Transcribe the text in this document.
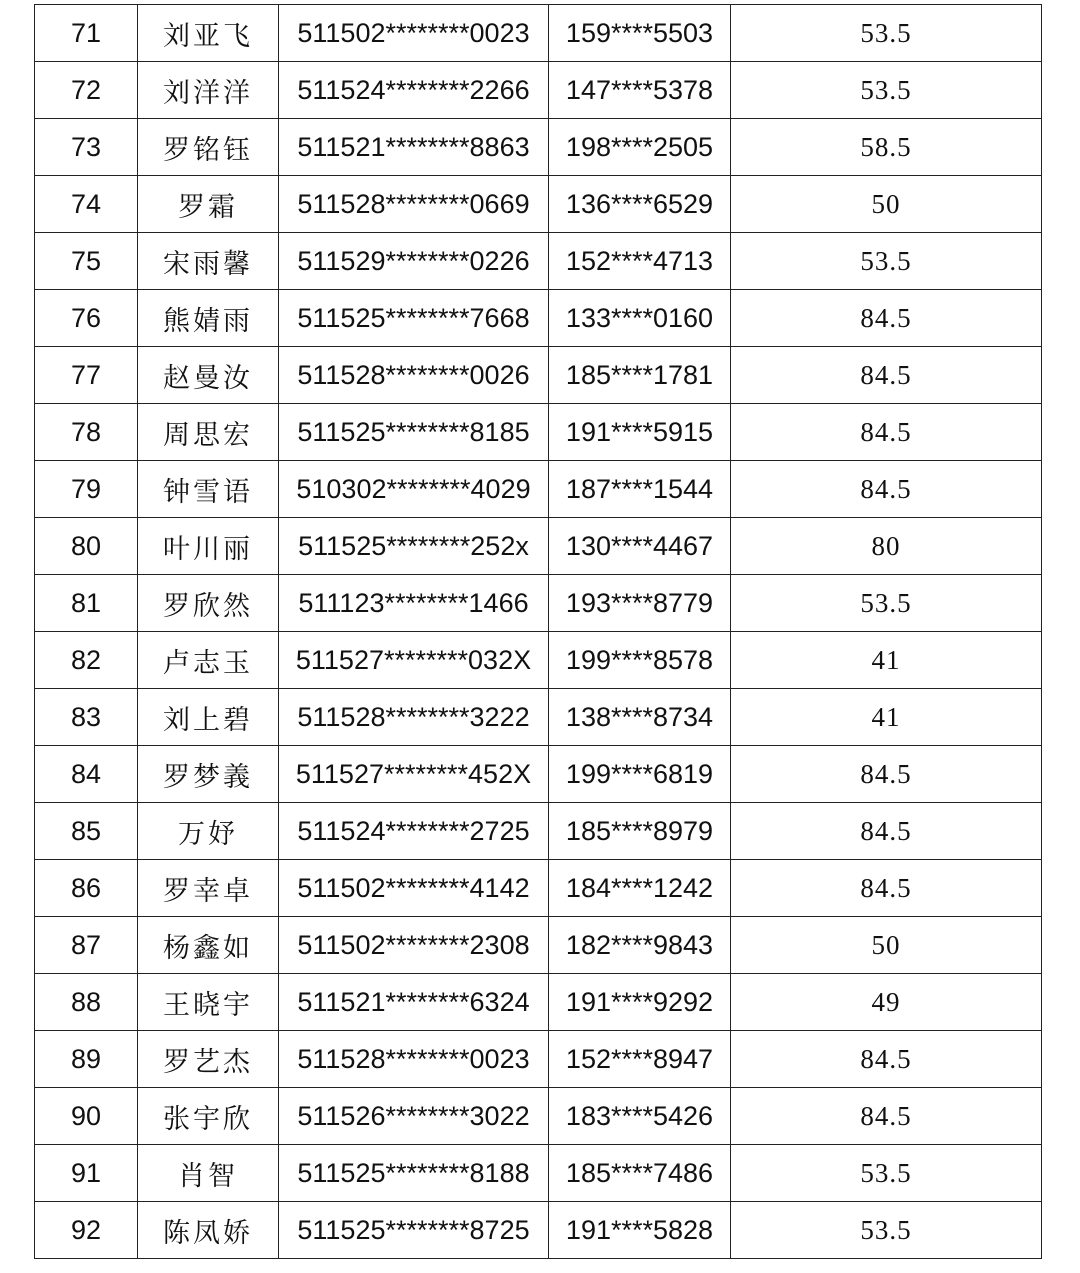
71	刘亚飞	511502********0023	159****5503	53.5
72	刘洋洋	511524********2266	147****5378	53.5
73	罗铭钰	511521********8863	198****2505	58.5
74	罗霜	511528********0669	136****6529	50
75	宋雨馨	511529********0226	152****4713	53.5
76	熊婧雨	511525********7668	133****0160	84.5
77	赵曼汝	511528********0026	185****1781	84.5
78	周思宏	511525********8185	191****5915	84.5
79	钟雪语	510302********4029	187****1544	84.5
80	叶川丽	511525********252x	130****4467	80
81	罗欣然	511123********1466	193****8779	53.5
82	卢志玉	511527********032X	199****8578	41
83	刘上碧	511528********3222	138****8734	41
84	罗梦義	511527********452X	199****6819	84.5
85	万妤	511524********2725	185****8979	84.5
86	罗幸卓	511502********4142	184****1242	84.5
87	杨鑫如	511502********2308	182****9843	50
88	王晓宇	511521********6324	191****9292	49
89	罗艺杰	511528********0023	152****8947	84.5
90	张宇欣	511526********3022	183****5426	84.5
91	肖智	511525********8188	185****7486	53.5
92	陈凤娇	511525********8725	191****5828	53.5
